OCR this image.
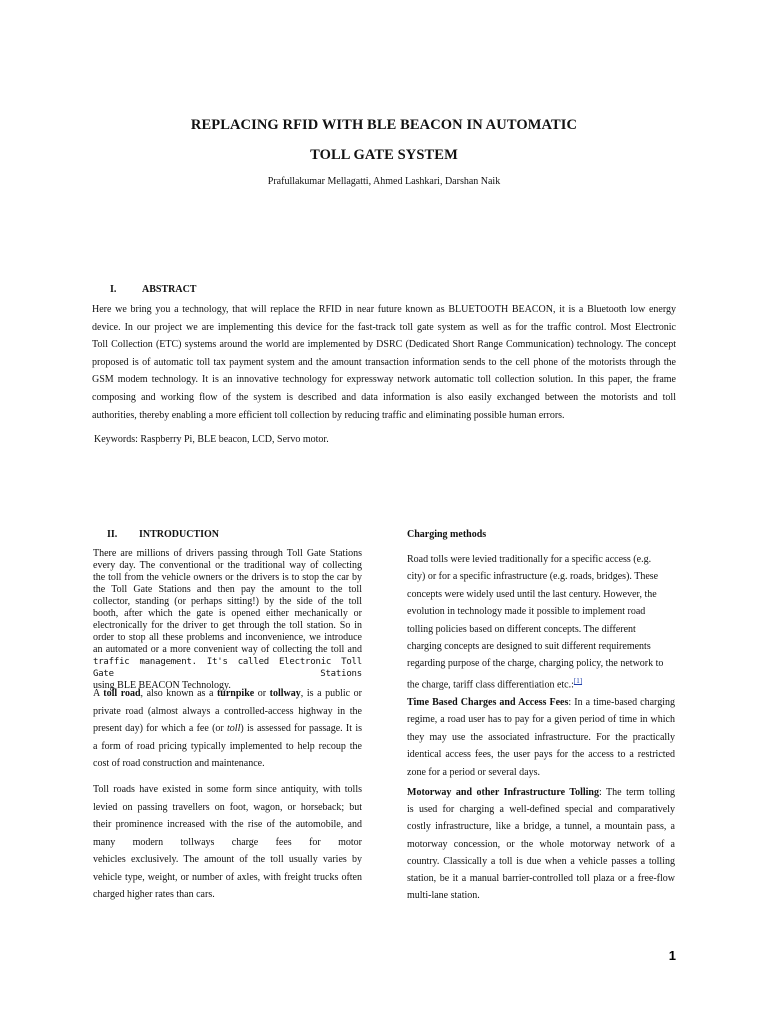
REPLACING RFID WITH BLE BEACON IN AUTOMATIC
TOLL GATE SYSTEM
Prafullakumar Mellagatti, Ahmed Lashkari, Darshan Naik
I.	ABSTRACT
Here we bring you a technology, that will replace the RFID in near future known as BLUETOOTH BEACON, it is a Bluetooth low energy
device. In our project we are implementing this device for the fast-track toll gate system as well as for the traffic control. Most Electronic
Toll Collection (ETC) systems around the world are implemented by DSRC (Dedicated Short Range Communication) technology. The concept
proposed is of automatic toll tax payment system and the amount transaction information sends to the cell phone of the motorists through the
GSM modem technology. It is an innovative technology for expressway network automatic toll collection solution. In this paper, the frame
composing and working flow of the system is described and data information is also easily exchanged between the motorists and toll
authorities, thereby enabling a more efficient toll collection by reducing traffic and eliminating possible human errors.
Keywords: Raspberry Pi, BLE beacon, LCD, Servo motor.
II. INTRODUCTION
There are millions of drivers passing through Toll Gate Stations
every day. The conventional or the traditional way of collecting
the toll from the vehicle owners or the drivers is to stop the car by
the Toll Gate Stations and then pay the amount to the toll
collector, standing (or perhaps sitting!) by the side of the toll
booth, after which the gate is opened either mechanically or
electronically for the driver to get through the toll station. So in
order to stop all these problems and inconvenience, we introduce
an automated or a more convenient way of collecting the toll and
traffic management. It's called Electronic Toll Gate Stations
using BLE BEACON Technology.
A toll road, also known as a turnpike or tollway, is a public or
private road (almost always a controlled-access highway in the
present day) for which a fee (or toll) is assessed for passage. It is
a form of road pricing typically implemented to help recoup the
cost of road construction and maintenance.
Toll roads have existed in some form since antiquity, with tolls
levied on passing travellers on foot, wagon, or horseback; but
their prominence increased with the rise of the automobile, and
many modern tollways charge fees for motor
vehicles exclusively. The amount of the toll usually varies by
vehicle type, weight, or number of axles, with freight trucks often
charged higher rates than cars.
Charging methods
Road tolls were levied traditionally for a specific access (e.g.
city) or for a specific infrastructure (e.g. roads, bridges). These
concepts were widely used until the last century. However, the
evolution in technology made it possible to implement road
tolling policies based on different concepts. The different
charging concepts are designed to suit different requirements
regarding purpose of the charge, charging policy, the network to
the charge, tariff class differentiation etc.:[1]
Time Based Charges and Access Fees: In a time-based charging
regime, a road user has to pay for a given period of time in which
they may use the associated infrastructure. For the practically
identical access fees, the user pays for the access to a restricted
zone for a period or several days.
Motorway and other Infrastructure Tolling: The term tolling
is used for charging a well-defined special and comparatively
costly infrastructure, like a bridge, a tunnel, a mountain pass, a
motorway concession, or the whole motorway network of a
country. Classically a toll is due when a vehicle passes a tolling
station, be it a manual barrier-controlled toll plaza or a free-flow
multi-lane station.
1
